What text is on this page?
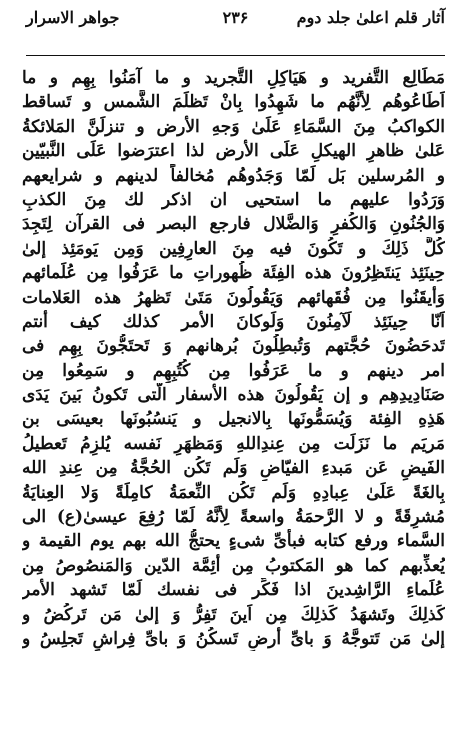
آثار قلم اعلیٰ جلد دوم
۲۳۶
جواهر الاسرار
مَطَالِع التَّفريد و هَيَاكِلِ التَّجريد و ما آمَنُوا بِهِم و ما
اَطَاعُوهُم لِأَنَّهُم ما شَهِدُوا بِانْ تَظلَمَ الشَّمس و تَساقط
الكواكبُ مِنَ السَّمَاءِ عَلَىٰ وَجهِ الأرض و تنزلَنَّ المَلائكةُ
عَلىٰ ظاهرِ الهيكلِ عَلَى الأرض لذا اعترَضوا عَلَى النَّبيّين
و المُرسلين بَل لَمّا وَجَدُوهُم مُخالفاً لدينهم و شرايعهم
وَرَدُوا عليهم ما استحيى ان اذكر لك مِنَ الكذبِ
وَالجُنُونِ وَالكُفرِ وَالضَّلال فارجع البصر فی القرآن لِتَجِدَ
كُلَّ ذَلِكَ و تَكُونَ فيه مِنَ العارِفِين وَمِن يَومَئِذ إلىٰ
حِينَئِذ يَنتَظِرُونَ هذه الفِئَة ظُهوراتِ ما عَرَفُوا مِن عُلَمائهم
وَأيقَنُوا مِن فُقَهائهم وَيَقُولُونَ مَتَىٰ تَظهرُ هذه العَلامات
اَنّا حِينَئِذ لَآمِنُونَ وَلَوكانَ الأمر كذلك كيف أنتم
تَدحَضُونَ حُجَّتهم وَتُبطِلُونَ بُرهانهم وَ تَحتَجُّونَ بِهِم فی
امر دينهم و ما عَرَفُوا مِن كُتُبِهِم و سَمِعُوا مِن
صَنَادِيدِهِم و إن يَقُولُونَ هذه الأسفار الَّتی تَكونُ بَينَ يَدَی
هَذِهِ الفِئة وَيُسَمُّونَها بِالانجيل و يَنسُبُونَها بعيسَی بن
مَريَم ما نَزَلَت مِن عِندِاللهِ وَمَظهَرِ نَفسه يُلزِمُ تَعطيلُ
الفَيضِ عَن مَبدءِ الفيّاضِ وَلَم تَكُن الحُجَّةُ مِن عِندِ الله
بِالغَةً عَلَىٰ عِبادِهِ وَلَم تَكُن النِّعمَةُ كامِلَةً وَلا العِنايَةُ
مُشرِقَةً و لا الرَّحمَةُ واسعةً لِأَنَّهُ لَمّا رُفِعَ عيسىٰ(ع) الی
السَّماء ورفع كتابه فبأیِّ شیءٍ يحتجُّ الله بهم يوم القيمة و
يُعذِّبهم كما هو المَكتوبُ مِن أَئِمَّة الدّين وَالمَنصُوصُ مِن
عُلَماءِ الرَّاشِدينَ اذا فَكِّر فی نفسك لَمّا تَشهد الأمر
كَذلِكَ وتَشهَدُ كَذلِكَ مِن اَينَ تَفِرُّ وَ إلىٰ مَن تَركُضُ و
إلىٰ مَن تَتوجَّهُ وَ باىِّ أرضٍ تَسكُنُ وَ باىِّ فِراشٍ تَجلِسُ و
